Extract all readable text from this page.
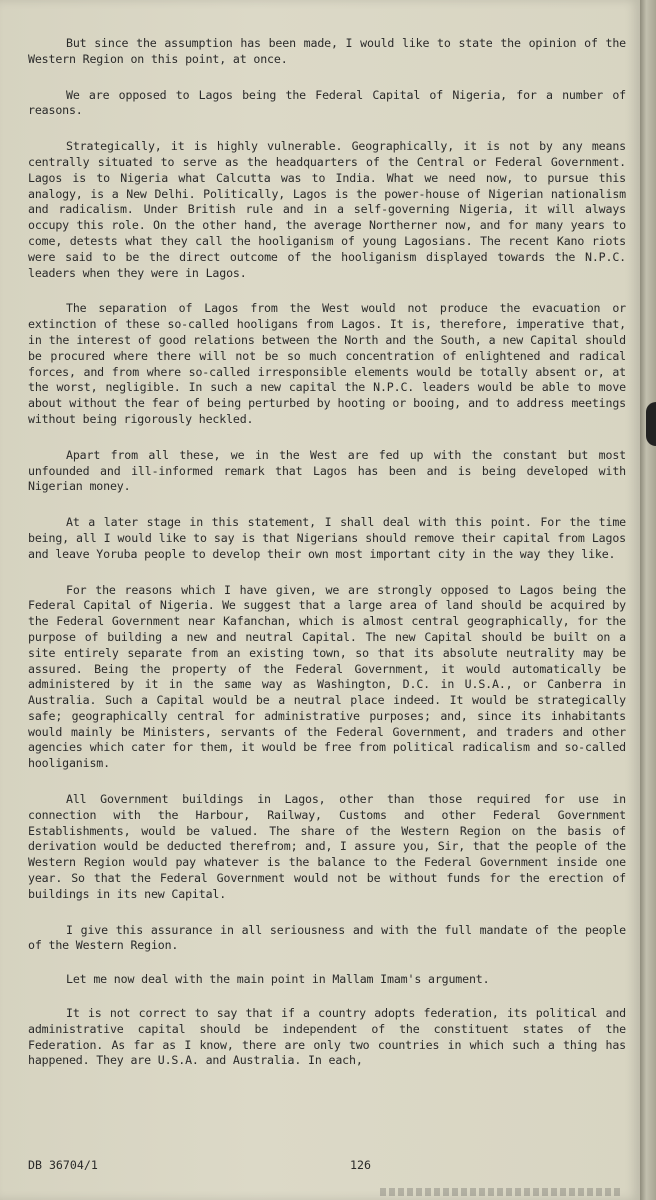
But since the assumption has been made, I would like to state the opinion of the Western Region on this point, at once.

We are opposed to Lagos being the Federal Capital of Nigeria, for a number of reasons.

Strategically, it is highly vulnerable. Geographically, it is not by any means centrally situated to serve as the headquarters of the Central or Federal Government. Lagos is to Nigeria what Calcutta was to India. What we need now, to pursue this analogy, is a New Delhi. Politically, Lagos is the power-house of Nigerian nationalism and radicalism. Under British rule and in a self-governing Nigeria, it will always occupy this role. On the other hand, the average Northerner now, and for many years to come, detests what they call the hooliganism of young Lagosians. The recent Kano riots were said to be the direct outcome of the hooliganism displayed towards the N.P.C. leaders when they were in Lagos.

The separation of Lagos from the West would not produce the evacuation or extinction of these so-called hooligans from Lagos. It is, therefore, imperative that, in the interest of good relations between the North and the South, a new Capital should be procured where there will not be so much concentration of enlightened and radical forces, and from where so-called irresponsible elements would be totally absent or, at the worst, negligible. In such a new capital the N.P.C. leaders would be able to move about without the fear of being perturbed by hooting or booing, and to address meetings without being rigorously heckled.

Apart from all these, we in the West are fed up with the constant but most unfounded and ill-informed remark that Lagos has been and is being developed with Nigerian money.

At a later stage in this statement, I shall deal with this point. For the time being, all I would like to say is that Nigerians should remove their capital from Lagos and leave Yoruba people to develop their own most important city in the way they like.

For the reasons which I have given, we are strongly opposed to Lagos being the Federal Capital of Nigeria. We suggest that a large area of land should be acquired by the Federal Government near Kafanchan, which is almost central geographically, for the purpose of building a new and neutral Capital. The new Capital should be built on a site entirely separate from an existing town, so that its absolute neutrality may be assured. Being the property of the Federal Government, it would automatically be administered by it in the same way as Washington, D.C. in U.S.A., or Canberra in Australia. Such a Capital would be a neutral place indeed. It would be strategically safe; geographically central for administrative purposes; and, since its inhabitants would mainly be Ministers, servants of the Federal Government, and traders and other agencies which cater for them, it would be free from political radicalism and so-called hooliganism.

All Government buildings in Lagos, other than those required for use in connection with the Harbour, Railway, Customs and other Federal Government Establishments, would be valued. The share of the Western Region on the basis of derivation would be deducted therefrom; and, I assure you, Sir, that the people of the Western Region would pay whatever is the balance to the Federal Government inside one year. So that the Federal Government would not be without funds for the erection of buildings in its new Capital.

I give this assurance in all seriousness and with the full mandate of the people of the Western Region.

Let me now deal with the main point in Mallam Imam's argument.

It is not correct to say that if a country adopts federation, its political and administrative capital should be independent of the constituent states of the Federation. As far as I know, there are only two countries in which such a thing has happened. They are U.S.A. and Australia. In each,

DB 36704/1	126
